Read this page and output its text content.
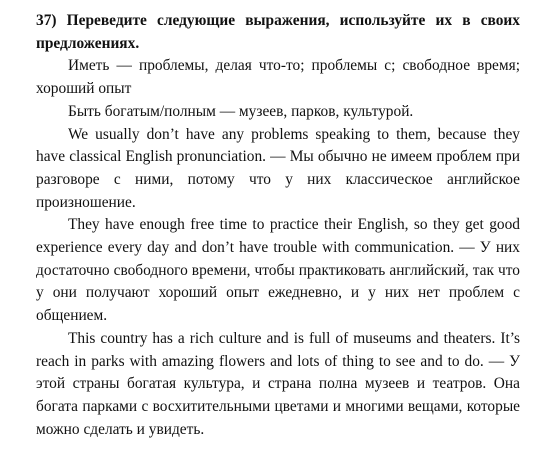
37) Переведите следующие выражения, используйте их в своих предложениях.

Иметь — проблемы, делая что-то; проблемы с; свободное время; хороший опыт

Быть богатым/полным — музеев, парков, культурой.

We usually don’t have any problems speaking to them, because they have classical English pronunciation. — Мы обычно не имеем проблем при разговоре с ними, потому что у них классическое английское произношение.

They have enough free time to practice their English, so they get good experience every day and don’t have trouble with communication. — У них достаточно свободного времени, чтобы практиковать английский, так что у они получают хороший опыт ежедневно, и у них нет проблем с общением.

This country has a rich culture and is full of museums and theaters. It’s reach in parks with amazing flowers and lots of thing to see and to do. — У этой страны богатая культура, и страна полна музеев и театров. Она богата парками с восхитительными цветами и многими вещами, которые можно сделать и увидеть.
